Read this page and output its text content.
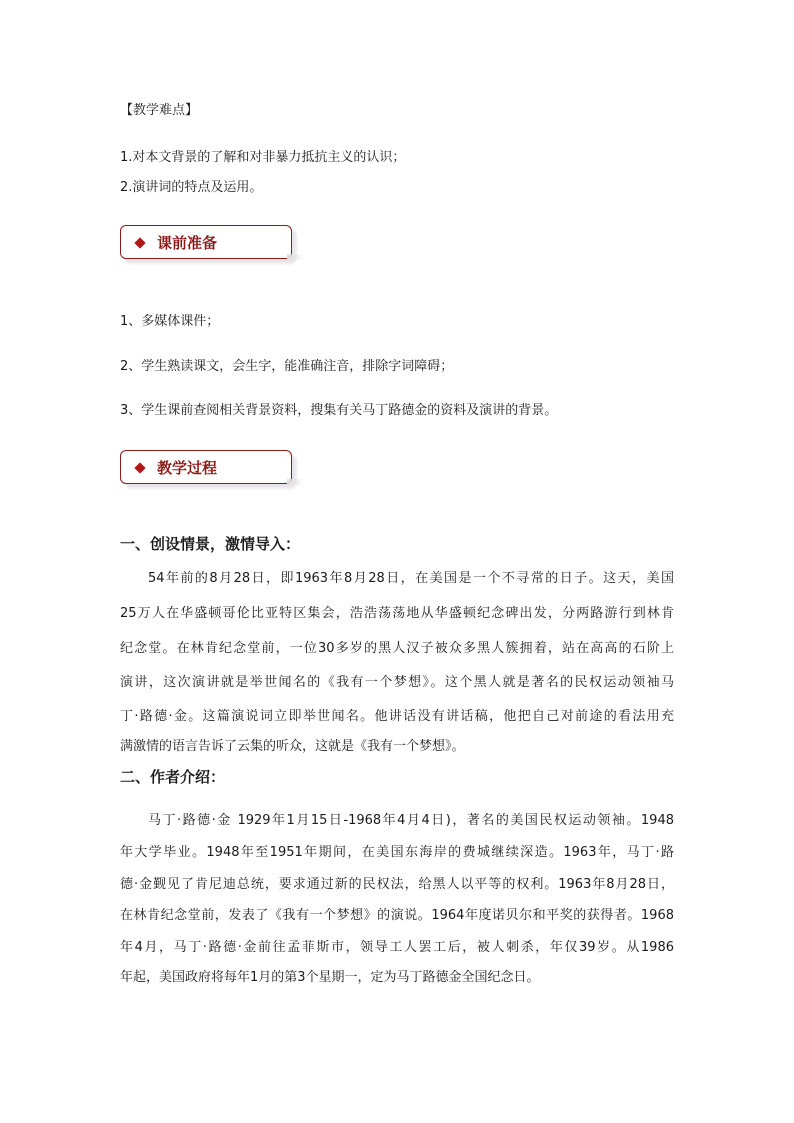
【教学难点】
1.对本文背景的了解和对非暴力抵抗主义的认识；
2.演讲词的特点及运用。
课前准备
1、多媒体课件；
2、学生熟读课文，会生字，能准确注音，排除字词障碍；
3、学生课前查阅相关背景资料，搜集有关马丁路德金的资料及演讲的背景。
教学过程
一、创设情景，激情导入：
54年前的8月28日，即1963年8月28日，在美国是一个不寻常的日子。这天，美国
25万人在华盛顿哥伦比亚特区集会，浩浩荡荡地从华盛顿纪念碑出发，分两路游行到林肯
纪念堂。在林肯纪念堂前，一位30多岁的黑人汉子被众多黑人簇拥着，站在高高的石阶上
演讲，这次演讲就是举世闻名的《我有一个梦想》。这个黑人就是著名的民权运动领袖马
丁·路德·金。这篇演说词立即举世闻名。他讲话没有讲话稿，他把自己对前途的看法用充
满激情的语言告诉了云集的听众，这就是《我有一个梦想》。
二、作者介绍：
马丁·路德·金 1929年1月15日-1968年4月4日)，著名的美国民权运动领袖。1948
年大学毕业。1948年至1951年期间，在美国东海岸的费城继续深造。1963年，马丁·路
德·金觐见了肯尼迪总统，要求通过新的民权法，给黑人以平等的权利。1963年8月28日，
在林肯纪念堂前，发表了《我有一个梦想》的演说。1964年度诺贝尔和平奖的获得者。1968
年4月，马丁·路德·金前往孟菲斯市，领导工人罢工后，被人刺杀，年仅39岁。从1986
年起，美国政府将每年1月的第3个星期一，定为马丁路德金全国纪念日。
